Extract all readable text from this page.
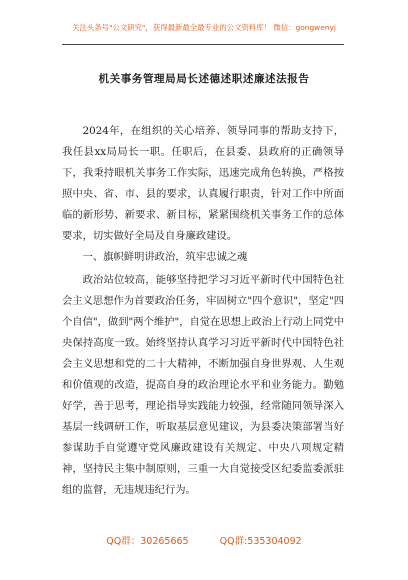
关注头条号"公文研究"，获得最新最全最专业的公文资料库！ 微信：gongwenyj
机关事务管理局局长述德述职述廉述法报告
2024年，在组织的关心培养、领导同事的帮助支持下，我任县xx局局长一职。任职后，在县委、县政府的正确领导下，我秉持眼机关事务工作实际，迅速完成角色转换，严格按照中央、省、市、县的要求，认真履行职责，针对工作中所面临的新形势、新要求、新目标，紧紧围绕机关事务工作的总体要求，切实做好全局及自身廉政建设。
一、旗帜鲜明讲政治，筑牢忠诚之魂
政治站位较高，能够坚持把学习习近平新时代中国特色社会主义思想作为首要政治任务，牢固树立"四个意识"，坚定"四个自信"，做到"两个维护"，自觉在思想上政治上行动上同党中央保持高度一致。始终坚持认真学习习近平新时代中国特色社会主义思想和党的二十大精神，不断加强自身世界观、人生观和价值观的改造，提高自身的政治理论水平和业务能力。勤勉好学，善于思考，理论指导实践能力较强，经常随同领导深入基层一线调研工作，听取基层意见建议，为县委决策部署当好参谋助手自觉遵守党风廉政建设有关规定、中央八项规定精神，坚持民主集中制原则，三重一大自觉接受区纪委监委派驻组的监督，无违规违纪行为。
QQ群：30265665	QQ群:535304092
